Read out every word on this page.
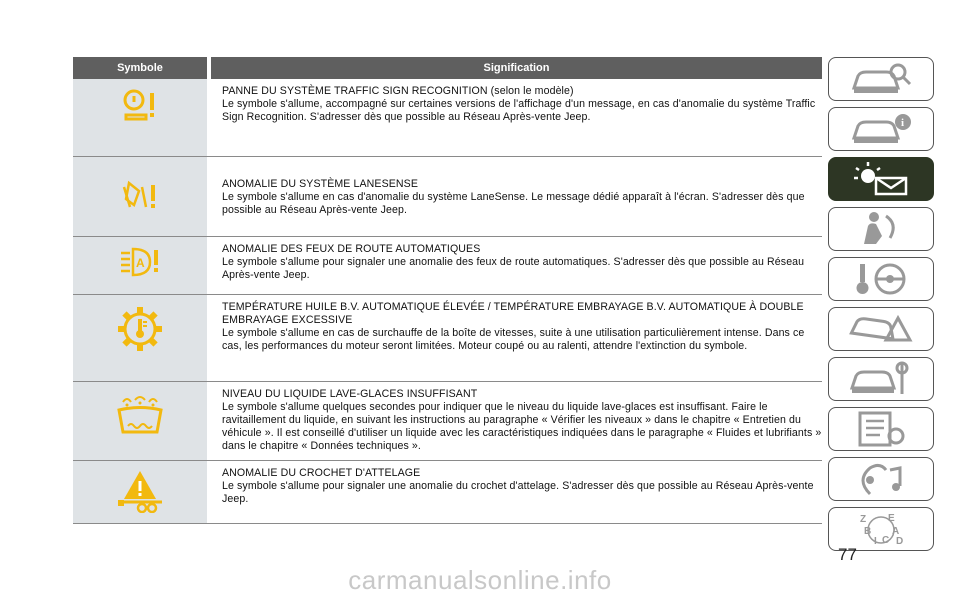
Symbole	Signification
PANNE DU SYSTÈME TRAFFIC SIGN RECOGNITION (selon le modèle)
Le symbole s'allume, accompagné sur certaines versions de l'affichage d'un message, en cas d'anomalie du système Traffic Sign Recognition. S'adresser dès que possible au Réseau Après-vente Jeep.
ANOMALIE DU SYSTÈME LANESENSE
Le symbole s'allume en cas d'anomalie du système LaneSense. Le message dédié apparaît à l'écran. S'adresser dès que possible au Réseau Après-vente Jeep.
A
ANOMALIE DES FEUX DE ROUTE AUTOMATIQUES
Le symbole s'allume pour signaler une anomalie des feux de route automatiques. S'adresser dès que possible au Réseau Après-vente Jeep.
TEMPÉRATURE HUILE B.V. AUTOMATIQUE ÉLEVÉE / TEMPÉRATURE EMBRAYAGE B.V. AUTOMATIQUE À DOUBLE EMBRAYAGE EXCESSIVE
Le symbole s'allume en cas de surchauffe de la boîte de vitesses, suite à une utilisation particulièrement intense. Dans ce cas, les performances du moteur seront limitées. Moteur coupé ou au ralenti, attendre l'extinction du symbole.
NIVEAU DU LIQUIDE LAVE-GLACES INSUFFISANT
Le symbole s'allume quelques secondes pour indiquer que le niveau du liquide lave-glaces est insuffisant. Faire le ravitaillement du liquide, en suivant les instructions au paragraphe « Vérifier les niveaux » dans le chapitre « Entretien du véhicule ». Il est conseillé d'utiliser un liquide avec les caractéristiques indiquées dans le paragraphe « Fluides et lubrifiants » dans le chapitre « Données techniques ».
ANOMALIE DU CROCHET D'ATTELAGE
Le symbole s'allume pour signaler une anomalie du crochet d'attelage. S'adresser dès que possible au Réseau Après-vente Jeep.
i
Z E
B A
I C D
77
carmanualsonline.info
